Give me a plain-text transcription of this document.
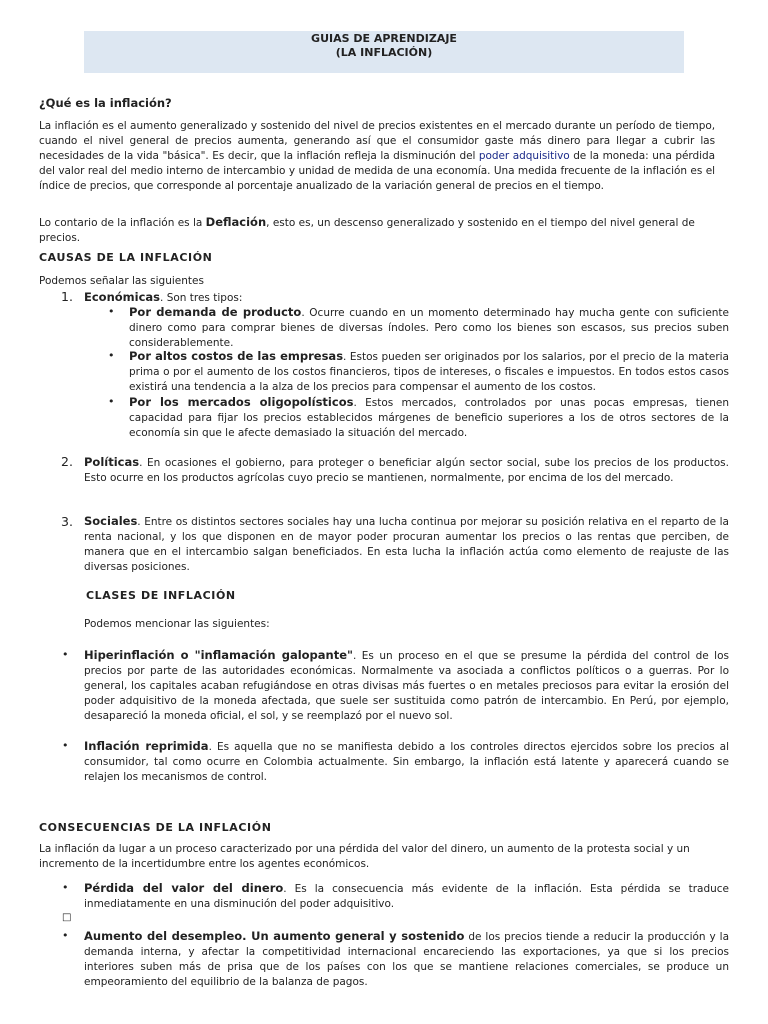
GUIAS DE APRENDIZAJE
(LA INFLACIÓN)
¿Qué es la inflación?
La inflación es el aumento generalizado y sostenido del nivel de precios existentes en el mercado durante un período de tiempo, cuando el nivel general de precios aumenta, generando así que el consumidor gaste más dinero para llegar a cubrir las necesidades de la vida "básica". Es decir, que la inflación refleja la disminución del poder adquisitivo de la moneda: una pérdida del valor real del medio interno de intercambio y unidad de medida de una economía. Una medida frecuente de la inflación es el índice de precios, que corresponde al porcentaje anualizado de la variación general de precios en el tiempo.
Lo contario de la inflación es la Deflación, esto es, un descenso generalizado y sostenido en el tiempo del nivel general de precios.
CAUSAS DE LA INFLACIÓN
Podemos señalar las siguientes
1. Económicas. Son tres tipos:
• Por demanda de producto. Ocurre cuando en un momento determinado hay mucha gente con suficiente dinero como para comprar bienes de diversas índoles. Pero como los bienes son escasos, sus precios suben considerablemente.
• Por altos costos de las empresas. Estos pueden ser originados por los salarios, por el precio de la materia prima o por el aumento de los costos financieros, tipos de intereses, o fiscales e impuestos. En todos estos casos existirá una tendencia a la alza de los precios para compensar el aumento de los costos.
• Por los mercados oligopolísticos. Estos mercados, controlados por unas pocas empresas, tienen capacidad para fijar los precios establecidos márgenes de beneficio superiores a los de otros sectores de la economía sin que le afecte demasiado la situación del mercado.
2. Políticas. En ocasiones el gobierno, para proteger o beneficiar algún sector social, sube los precios de los productos. Esto ocurre en los productos agrícolas cuyo precio se mantienen, normalmente, por encima de los del mercado.
3. Sociales. Entre os distintos sectores sociales hay una lucha continua por mejorar su posición relativa en el reparto de la renta nacional, y los que disponen en de mayor poder procuran aumentar los precios o las rentas que perciben, de manera que en el intercambio salgan beneficiados. En esta lucha la inflación actúa como elemento de reajuste de las diversas posiciones.
CLASES DE INFLACIÓN
Podemos mencionar las siguientes:
• Hiperinflación o "inflamación galopante". Es un proceso en el que se presume la pérdida del control de los precios por parte de las autoridades económicas. Normalmente va asociada a conflictos políticos o a guerras. Por lo general, los capitales acaban refugiándose en otras divisas más fuertes o en metales preciosos para evitar la erosión del poder adquisitivo de la moneda afectada, que suele ser sustituida como patrón de intercambio. En Perú, por ejemplo, desapareció la moneda oficial, el sol, y se reemplazó por el nuevo sol.
• Inflación reprimida. Es aquella que no se manifiesta debido a los controles directos ejercidos sobre los precios al consumidor, tal como ocurre en Colombia actualmente. Sin embargo, la inflación está latente y aparecerá cuando se relajen los mecanismos de control.
CONSECUENCIAS DE LA INFLACIÓN
La inflación da lugar a un proceso caracterizado por una pérdida del valor del dinero, un aumento de la protesta social y un incremento de la incertidumbre entre los agentes económicos.
• Pérdida del valor del dinero. Es la consecuencia más evidente de la inflación. Esta pérdida se traduce inmediatamente en una disminución del poder adquisitivo.
□
• Aumento del desempleo. Un aumento general y sostenido de los precios tiende a reducir la producción y la demanda interna, y afectar la competitividad internacional encareciendo las exportaciones, ya que si los precios interiores suben más de prisa que de los países con los que se mantiene relaciones comerciales, se produce un empeoramiento del equilibrio de la balanza de pagos.
